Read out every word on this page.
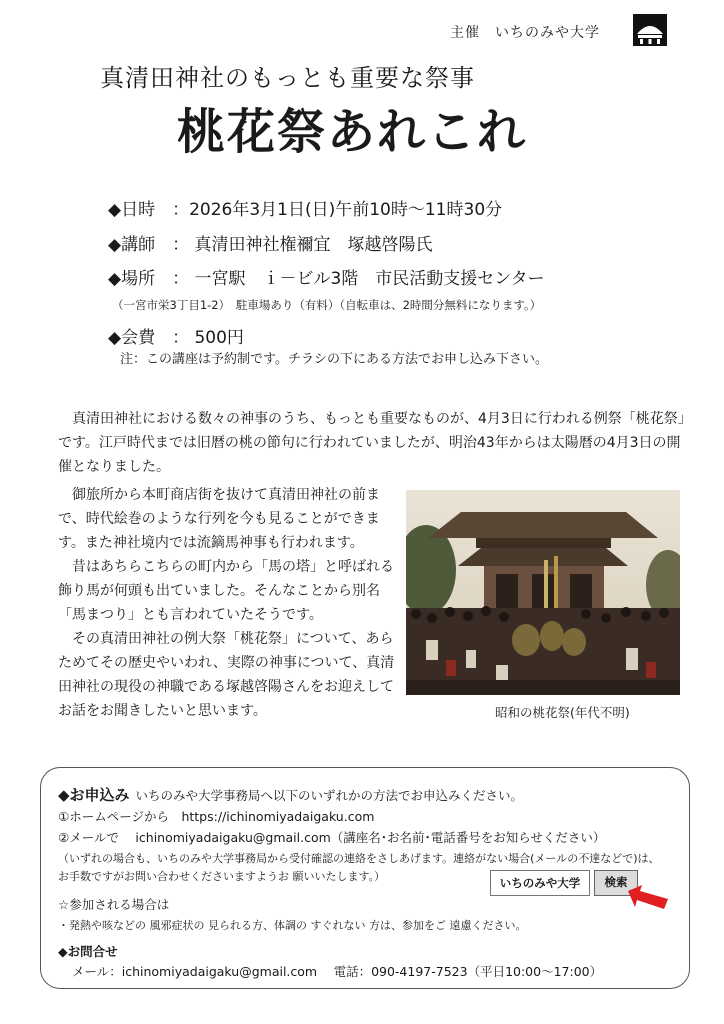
主催　いちのみや大学
真清田神社のもっとも重要な祭事
桃花祭あれこれ
◆日時　：2026年3月1日(日)午前10時～11時30分
◆講師　： 真清田神社権禰宜　塚越啓陽氏
◆場所　： 一宮駅　ｉ－ビル3階　市民活動支援センター
（一宮市栄3丁目1-2）　駐車場あり（有料）（自転車は、2時間分無料になります。）
◆会費　： 500円
注：この講座は予約制です。チラシの下にある方法でお申し込み下さい。

真清田神社における数々の神事のうち、もっとも重要なものが、4月3日に行われる例祭「桃花祭」です。江戸時代までは旧暦の桃の節句に行われていましたが、明治43年からは太陽暦の4月3日の開催となりました。

御旅所から本町商店街を抜けて真清田神社の前まで、時代絵巻のような行列を今も見ることができます。また神社境内では流鏑馬神事も行われます。

昔はあちらこちらの町内から「馬の塔」と呼ばれる飾り馬が何頭も出ていました。そんなことから別名「馬まつり」とも言われていたそうです。

その真清田神社の例大祭「桃花祭」について、あらためてその歴史やいわれ、実際の神事について、真清田神社の現役の神職である塚越啓陽さんをお迎えしてお話をお聞きしたいと思います。	昭和の桃花祭(年代不明)
◆お申込み いちのみや大学事務局へ以下のいずれかの方法でお申込みください。
①ホームページから　https://ichinomiyadaigaku.com
②メールで　 ichinomiyadaigaku@gmail.com（講座名･お名前･電話番号をお知らせください）
（いずれの場合も、いちのみや大学事務局から受付確認の連絡をさしあげます。連絡がない場合(メールの不達などで)は、
お手数ですがお問い合わせくださいますようお 願いいたします。）	いちのみや大学	検索
☆参加される場合は
・発熱や咳などの 風邪症状の 見られる方、体調の すぐれない 方は、参加をご 遠慮ください。
◆お問合せ
メール：ichinomiyadaigaku@gmail.com　 電話：090-4197-7523（平日10:00～17:00）
